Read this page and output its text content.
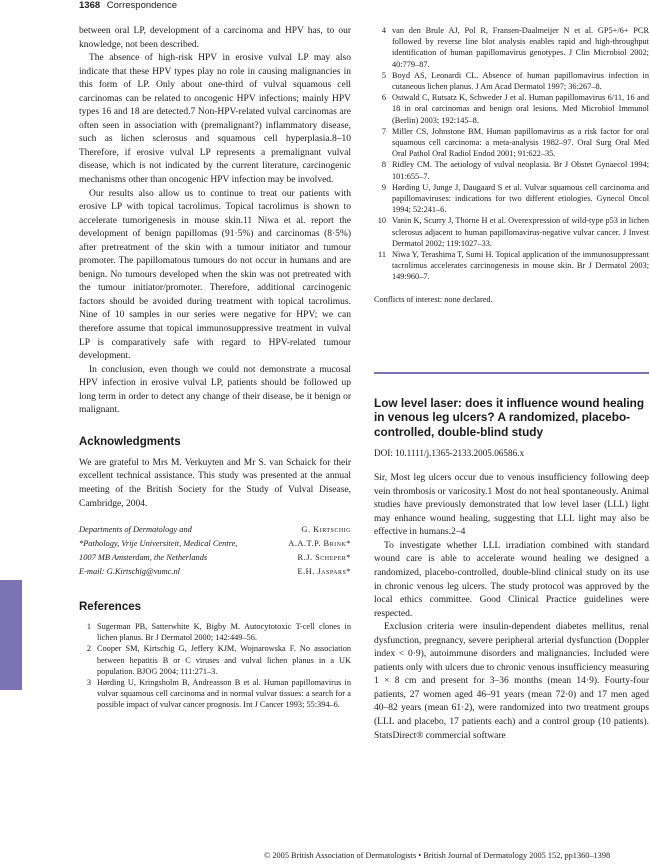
1368 Correspondence

between oral LP, development of a carcinoma and HPV has, to our knowledge, not been described.

The absence of high-risk HPV in erosive vulval LP may also indicate that these HPV types play no role in causing malignancies in this form of LP. Only about one-third of vulval squamous cell carcinomas can be related to oncogenic HPV infections; mainly HPV types 16 and 18 are detected.7 Non-HPV-related vulval carcinomas are often seen in association with (premalignant?) inflammatory disease, such as lichen sclerosus and squamous cell hyperplasia.8–10 Therefore, if erosive vulval LP represents a premalignant vulval disease, which is not indicated by the current literature, carcinogenic mechanisms other than oncogenic HPV infection may be involved.

Our results also allow us to continue to treat our patients with erosive LP with topical tacrolimus. Topical tacrolimus is shown to accelerate tumorigenesis in mouse skin.11 Niwa et al. report the development of benign papillomas (91·5%) and carcinomas (8·5%) after pretreatment of the skin with a tumour initiator and tumour promoter. The papillomatous tumours do not occur in humans and are benign. No tumours developed when the skin was not pretreated with the tumour initiator/promoter. Therefore, additional carcinogenic factors should be avoided during treatment with topical tacrolimus. Nine of 10 samples in our series were negative for HPV; we can therefore assume that topical immunosuppressive treatment in vulval LP is comparatively safe with regard to HPV-related tumour development.

In conclusion, even though we could not demonstrate a mucosal HPV infection in erosive vulval LP, patients should be followed up long term in order to detect any change of their disease, be it benign or malignant.

Acknowledgments

We are grateful to Mrs M. Verkuyten and Mr S. van Schaick for their excellent technical assistance. This study was presented at the annual meeting of the British Society for the Study of Vulval Disease, Cambridge, 2004.

Departments of Dermatology and	G. Kirtschig
*Pathology, Vrije Universiteit, Medical Centre,	A.A.T.P. Brink*
1007 MB Amsterdam, the Netherlands	R.J. Scheper*
E-mail: G.Kirtschig@vumc.nl	E.H. Jaspars*
References
1 Sugerman PB, Satterwhite K, Bigby M. Autocytotoxic T-cell clones in lichen planus. Br J Dermatol 2000; 142:449–56.
2 Cooper SM, Kirtschig G, Jeffery KJM, Wojnarowska F. No association between hepatitis B or C viruses and vulval lichen planus in a UK population. BJOG 2004; 111:271–3.
3 Hørding U, Kringsholm B, Andreasson B et al. Human papillomavirus in vulvar squamous cell carcinoma and in normal vulvar tissues: a search for a possible impact of vulvar cancer prognosis. Int J Cancer 1993; 55:394–6.
4 van den Brule AJ, Pol R, Fransen-Daalmeijer N et al. GP5+/6+ PCR followed by reverse line blot analysis enables rapid and high-throughput identification of human papillomavirus genotypes. J Clin Microbiol 2002; 40:779–87.
5 Boyd AS, Leonardi CL. Absence of human papillomavirus infection in cutaneous lichen planus. J Am Acad Dermatol 1997; 36:267–8.
6 Ostwald C, Rutsatz K, Schweder J et al. Human papillomavirus 6/11, 16 and 18 in oral carcinomas and benign oral lesions. Med Microbiol Immunol (Berlin) 2003; 192:145–8.
7 Miller CS, Johnstone BM. Human papillomavirus as a risk factor for oral squamous cell carcinoma: a meta-analysis 1982–97. Oral Surg Oral Med Oral Pathol Oral Radiol Endod 2001; 91:622–35.
8 Ridley CM. The aetiology of vulval neoplasia. Br J Obstet Gynaecol 1994; 101:655–7.
9 Hørding U, Junge J, Daugaard S et al. Vulvar squamous cell carcinoma and papillomaviruses: indications for two different etiologies. Gynecol Oncol 1994; 52:241–6.
10 Vanin K, Scurry J, Thorne H et al. Overexpression of wild-type p53 in lichen sclerosus adjacent to human papillomavirus-negative vulvar cancer. J Invest Dermatol 2002; 119:1027–33.
11 Niwa Y, Terashima T, Sumi H. Topical application of the immunosuppressant tacrolimus accelerates carcinogenesis in mouse skin. Br J Dermatol 2003; 149:960–7.
Conflicts of interest: none declared.
Low level laser: does it influence wound healing in venous leg ulcers? A randomized, placebo-controlled, double-blind study
DOI: 10.1111/j.1365-2133.2005.06586.x

Sir, Most leg ulcers occur due to venous insufficiency following deep vein thrombosis or varicosity.1 Most do not heal spontaneously. Animal studies have previously demonstrated that low level laser (LLL) light may enhance wound healing, suggesting that LLL light may also be effective in humans.2–4

To investigate whether LLL irradiation combined with standard wound care is able to accelerate wound healing we designed a randomized, placebo-controlled, double-blind clinical study on its use in chronic venous leg ulcers. The study protocol was approved by the local ethics committee. Good Clinical Practice guidelines were respected.

Exclusion criteria were insulin-dependent diabetes mellitus, renal dysfunction, pregnancy, severe peripheral arterial dysfunction (Doppler index < 0·9), autoimmune disorders and malignancies. Included were patients only with ulcers due to chronic venous insufficiency measuring 1 × 8 cm and present for 3–36 months (mean 14·9). Fourty-four patients, 27 women aged 46–91 years (mean 72·0) and 17 men aged 40–82 years (mean 61·2), were randomized into two treatment groups (LLL and placebo, 17 patients each) and a control group (10 patients). StatsDirect® commercial software

© 2005 British Association of Dermatologists • British Journal of Dermatology 2005 152, pp1360–1398
